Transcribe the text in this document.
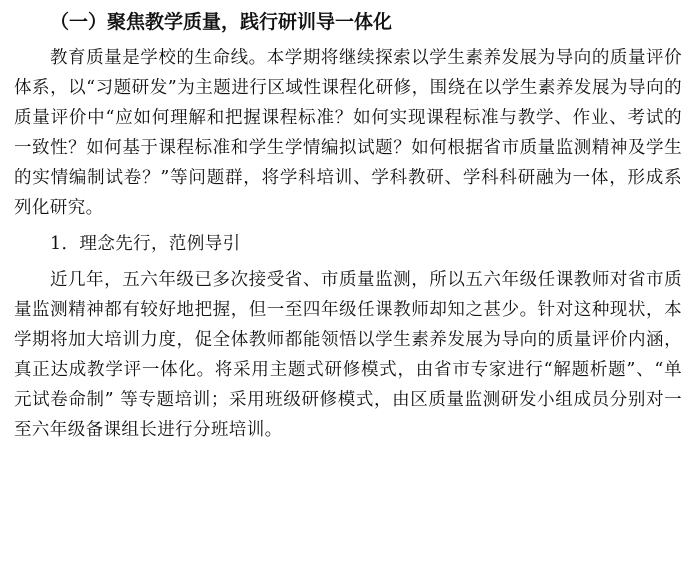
（一）聚焦教学质量，践行研训导一体化

教育质量是学校的生命线。本学期将继续探索以学生素养发展为导向的质量评价体系，以“习题研发”为主题进行区域性课程化研修，围绕在以学生素养发展为导向的质量评价中“应如何理解和把握课程标准？如何实现课程标准与教学、作业、考试的一致性？如何基于课程标准和学生学情编拟试题？如何根据省市质量监测精神及学生的实情编制试卷？”等问题群，将学科培训、学科教研、学科科研融为一体，形成系列化研究。

1．理念先行，范例导引

近几年，五六年级已多次接受省、市质量监测，所以五六年级任课教师对省市质量监测精神都有较好地把握，但一至四年级任课教师却知之甚少。针对这种现状，本学期将加大培训力度，促全体教师都能领悟以学生素养发展为导向的质量评价内涵，真正达成教学评一体化。将采用主题式研修模式，由省市专家进行“解题析题”、“单元试卷命制” 等专题培训；采用班级研修模式，由区质量监测研发小组成员分别对一至六年级备课组长进行分班培训。
